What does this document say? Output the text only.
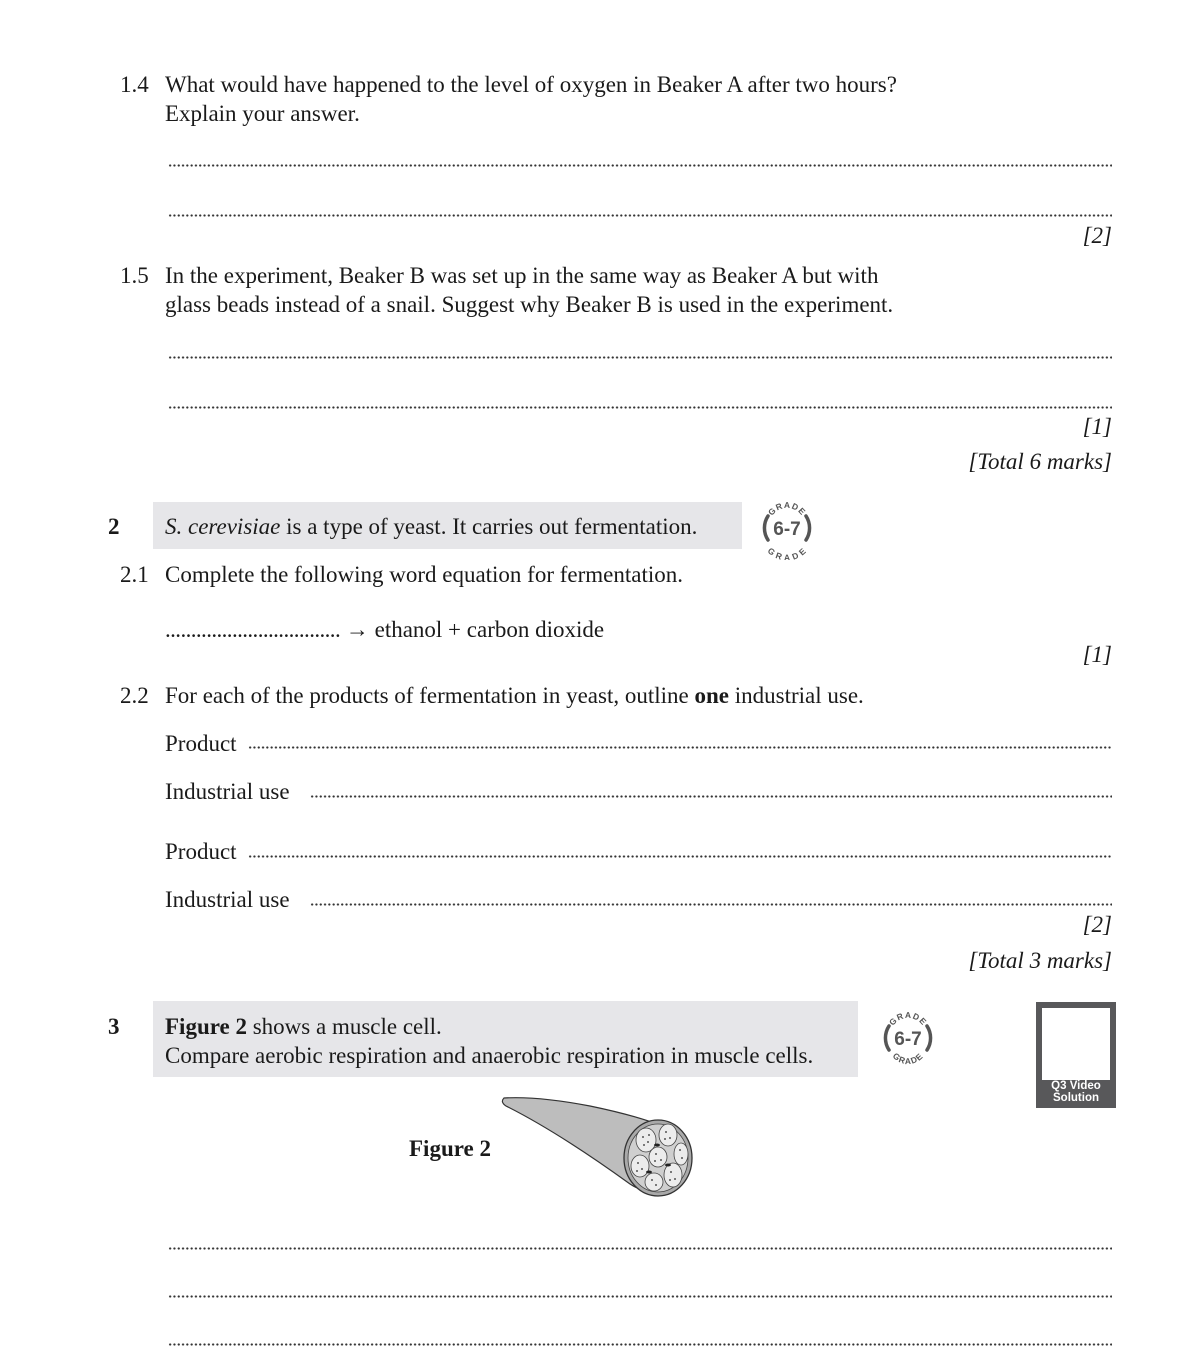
1.4 What would have happened to the level of oxygen in Beaker A after two hours?
Explain your answer.
[2]
1.5 In the experiment, Beaker B was set up in the same way as Beaker A but with
glass beads instead of a snail. Suggest why Beaker B is used in the experiment.
[1]
[Total 6 marks]
2 S. cerevisiae is a type of yeast. It carries out fermentation.
GRADE
6-7
GRADE
2.1 Complete the following word equation for fermentation.
.................................. → ethanol + carbon dioxide
[1]
2.2 For each of the products of fermentation in yeast, outline one industrial use.
Product
Industrial use
Product
Industrial use
[2]
[Total 3 marks]
3 Figure 2 shows a muscle cell.
Compare aerobic respiration and anaerobic respiration in muscle cells.
GRADE
6-7
GRADE
Q3 Video
Solution
Figure 2
